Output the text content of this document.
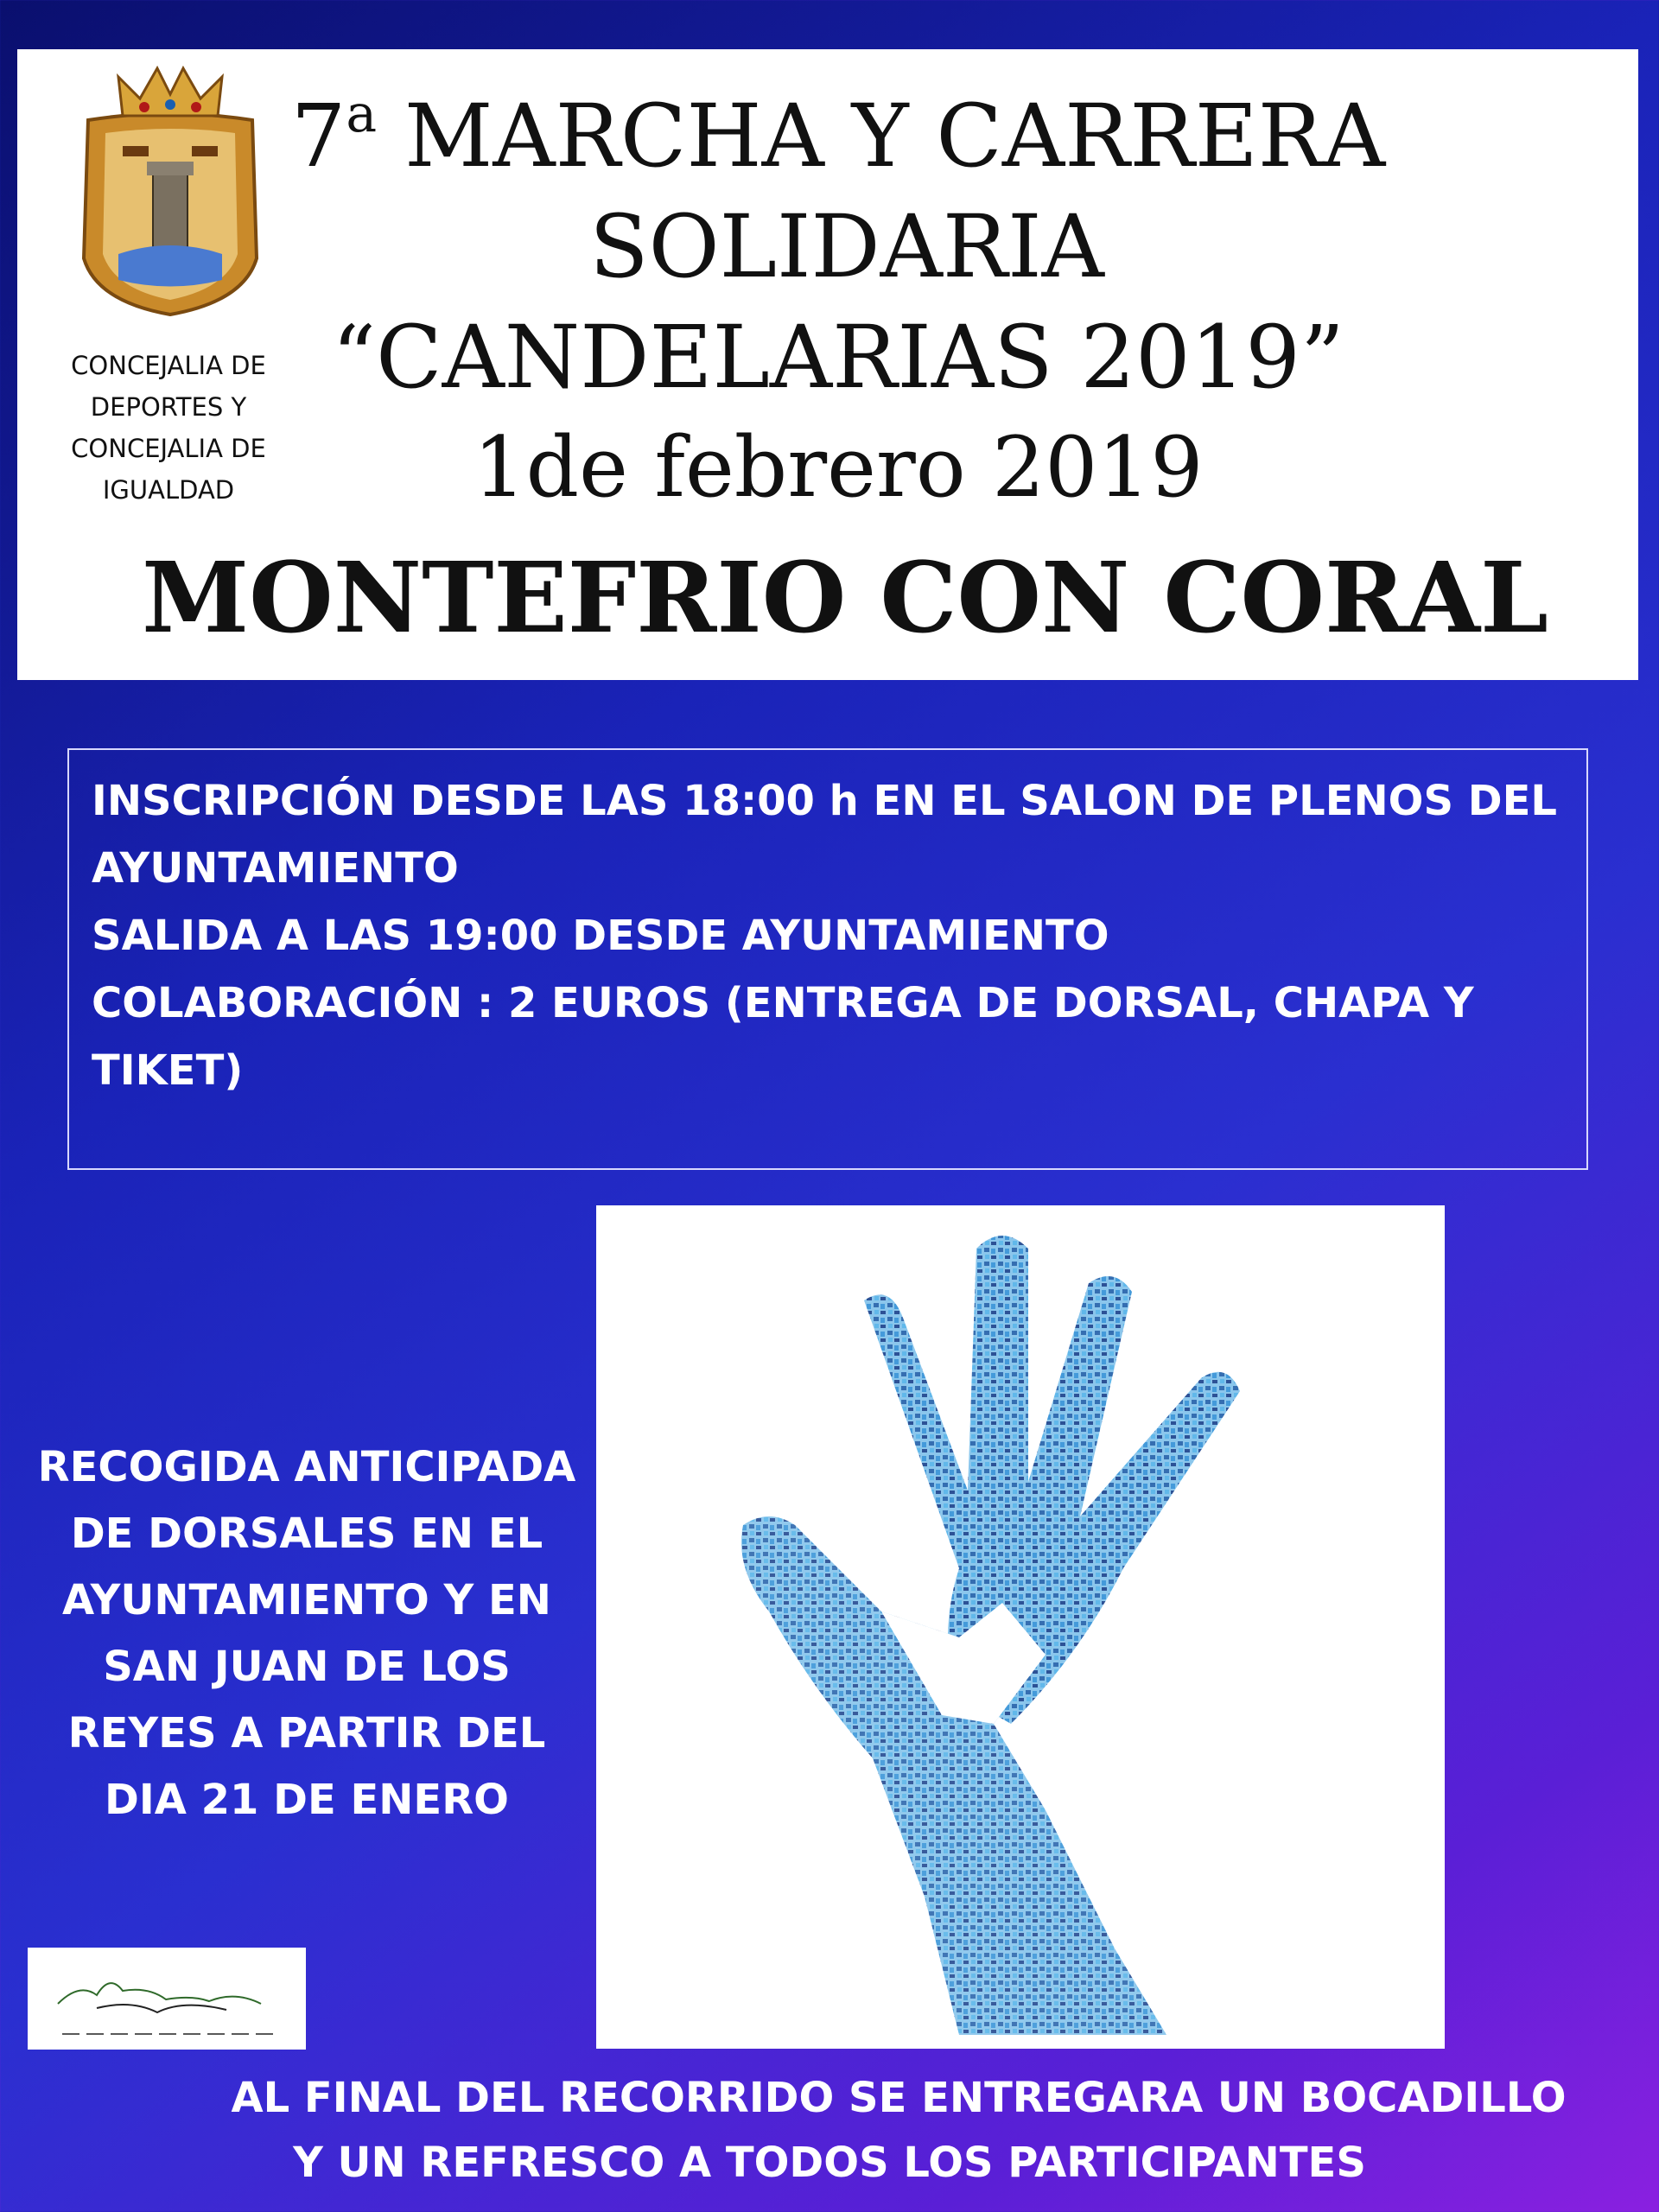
CONCEJALIA DE
DEPORTES Y
CONCEJALIA DE
IGUALDAD
7$^a$ MARCHA Y CARRERA
SOLIDARIA
“CANDELARIAS 2019”
1de febrero 2019
MONTEFRIO CON CORAL
INSCRIPCIÓN DESDE LAS 18:00 h EN EL SALON DE PLENOS DEL
AYUNTAMIENTO
SALIDA A LAS 19:00 DESDE AYUNTAMIENTO
COLABORACIÓN : 2 EUROS (ENTREGA DE DORSAL, CHAPA Y
TIKET)
RECOGIDA ANTICIPADA
DE DORSALES EN EL
AYUNTAMIENTO Y EN
SAN JUAN DE LOS
REYES A PARTIR DEL
DIA 21 DE ENERO
AL FINAL DEL RECORRIDO SE ENTREGARA UN BOCADILLO
Y UN REFRESCO A TODOS LOS PARTICIPANTES
